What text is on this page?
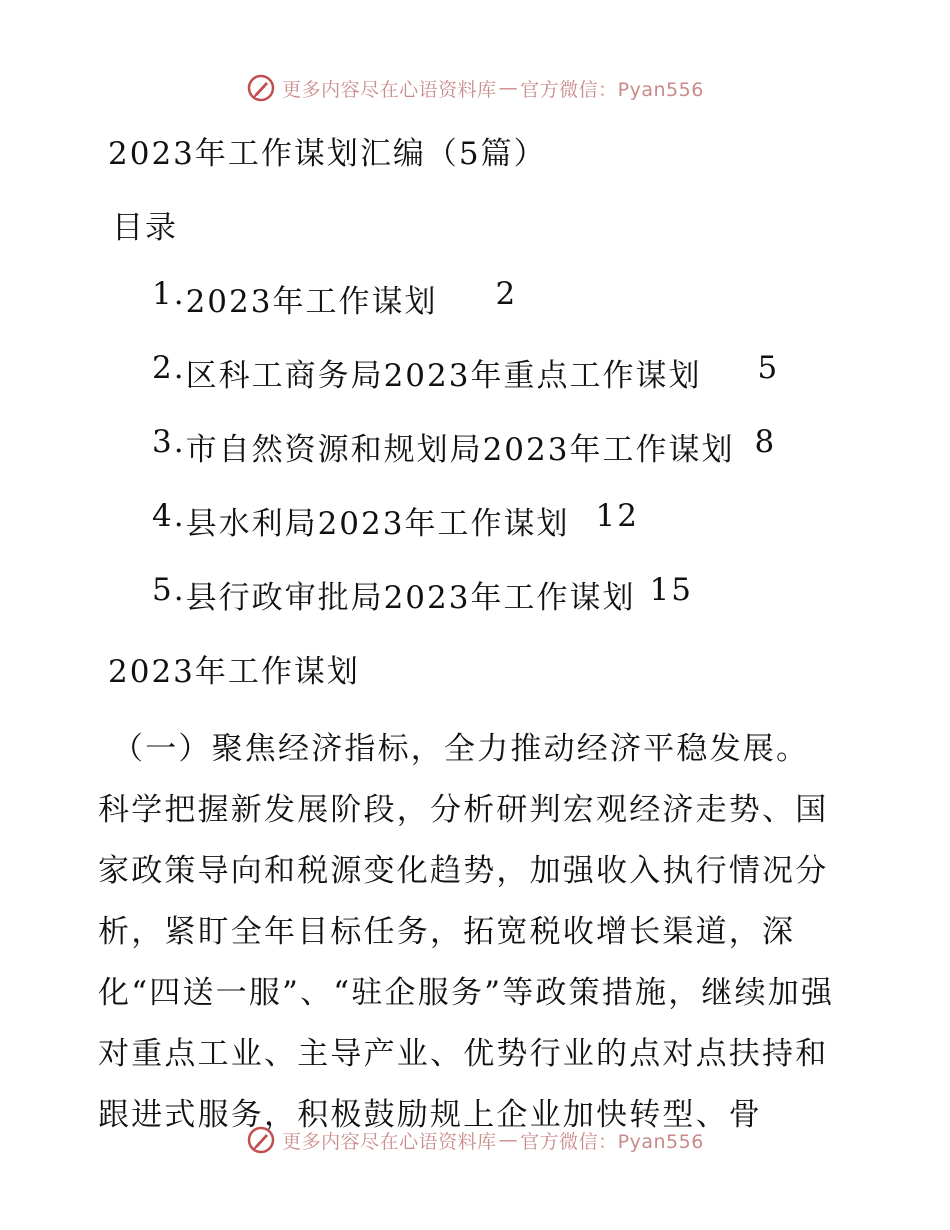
更多内容尽在心语资料库 — 官方微信：Pyan556
2023年工作谋划汇编（5篇）
目录
1. 2023年工作谋划 2
2. 区科工商务局2023年重点工作谋划 5
3. 市自然资源和规划局2023年工作谋划 8
4. 县水利局2023年工作谋划 12
5. 县行政审批局2023年工作谋划 15
2023年工作谋划

（一）聚焦经济指标，全力推动经济平稳发展。
科学把握新发展阶段，分析研判宏观经济走势、国家政策导向和税源变化趋势，加强收入执行情况分析，紧盯全年目标任务，拓宽税收增长渠道，深化“四送一服”、“驻企服务”等政策措施，继续加强对重点工业、主导产业、优势行业的点对点扶持和跟进式服务，积极鼓励规上企业加快转型、骨

更多内容尽在心语资料库 — 官方微信：Pyan556
